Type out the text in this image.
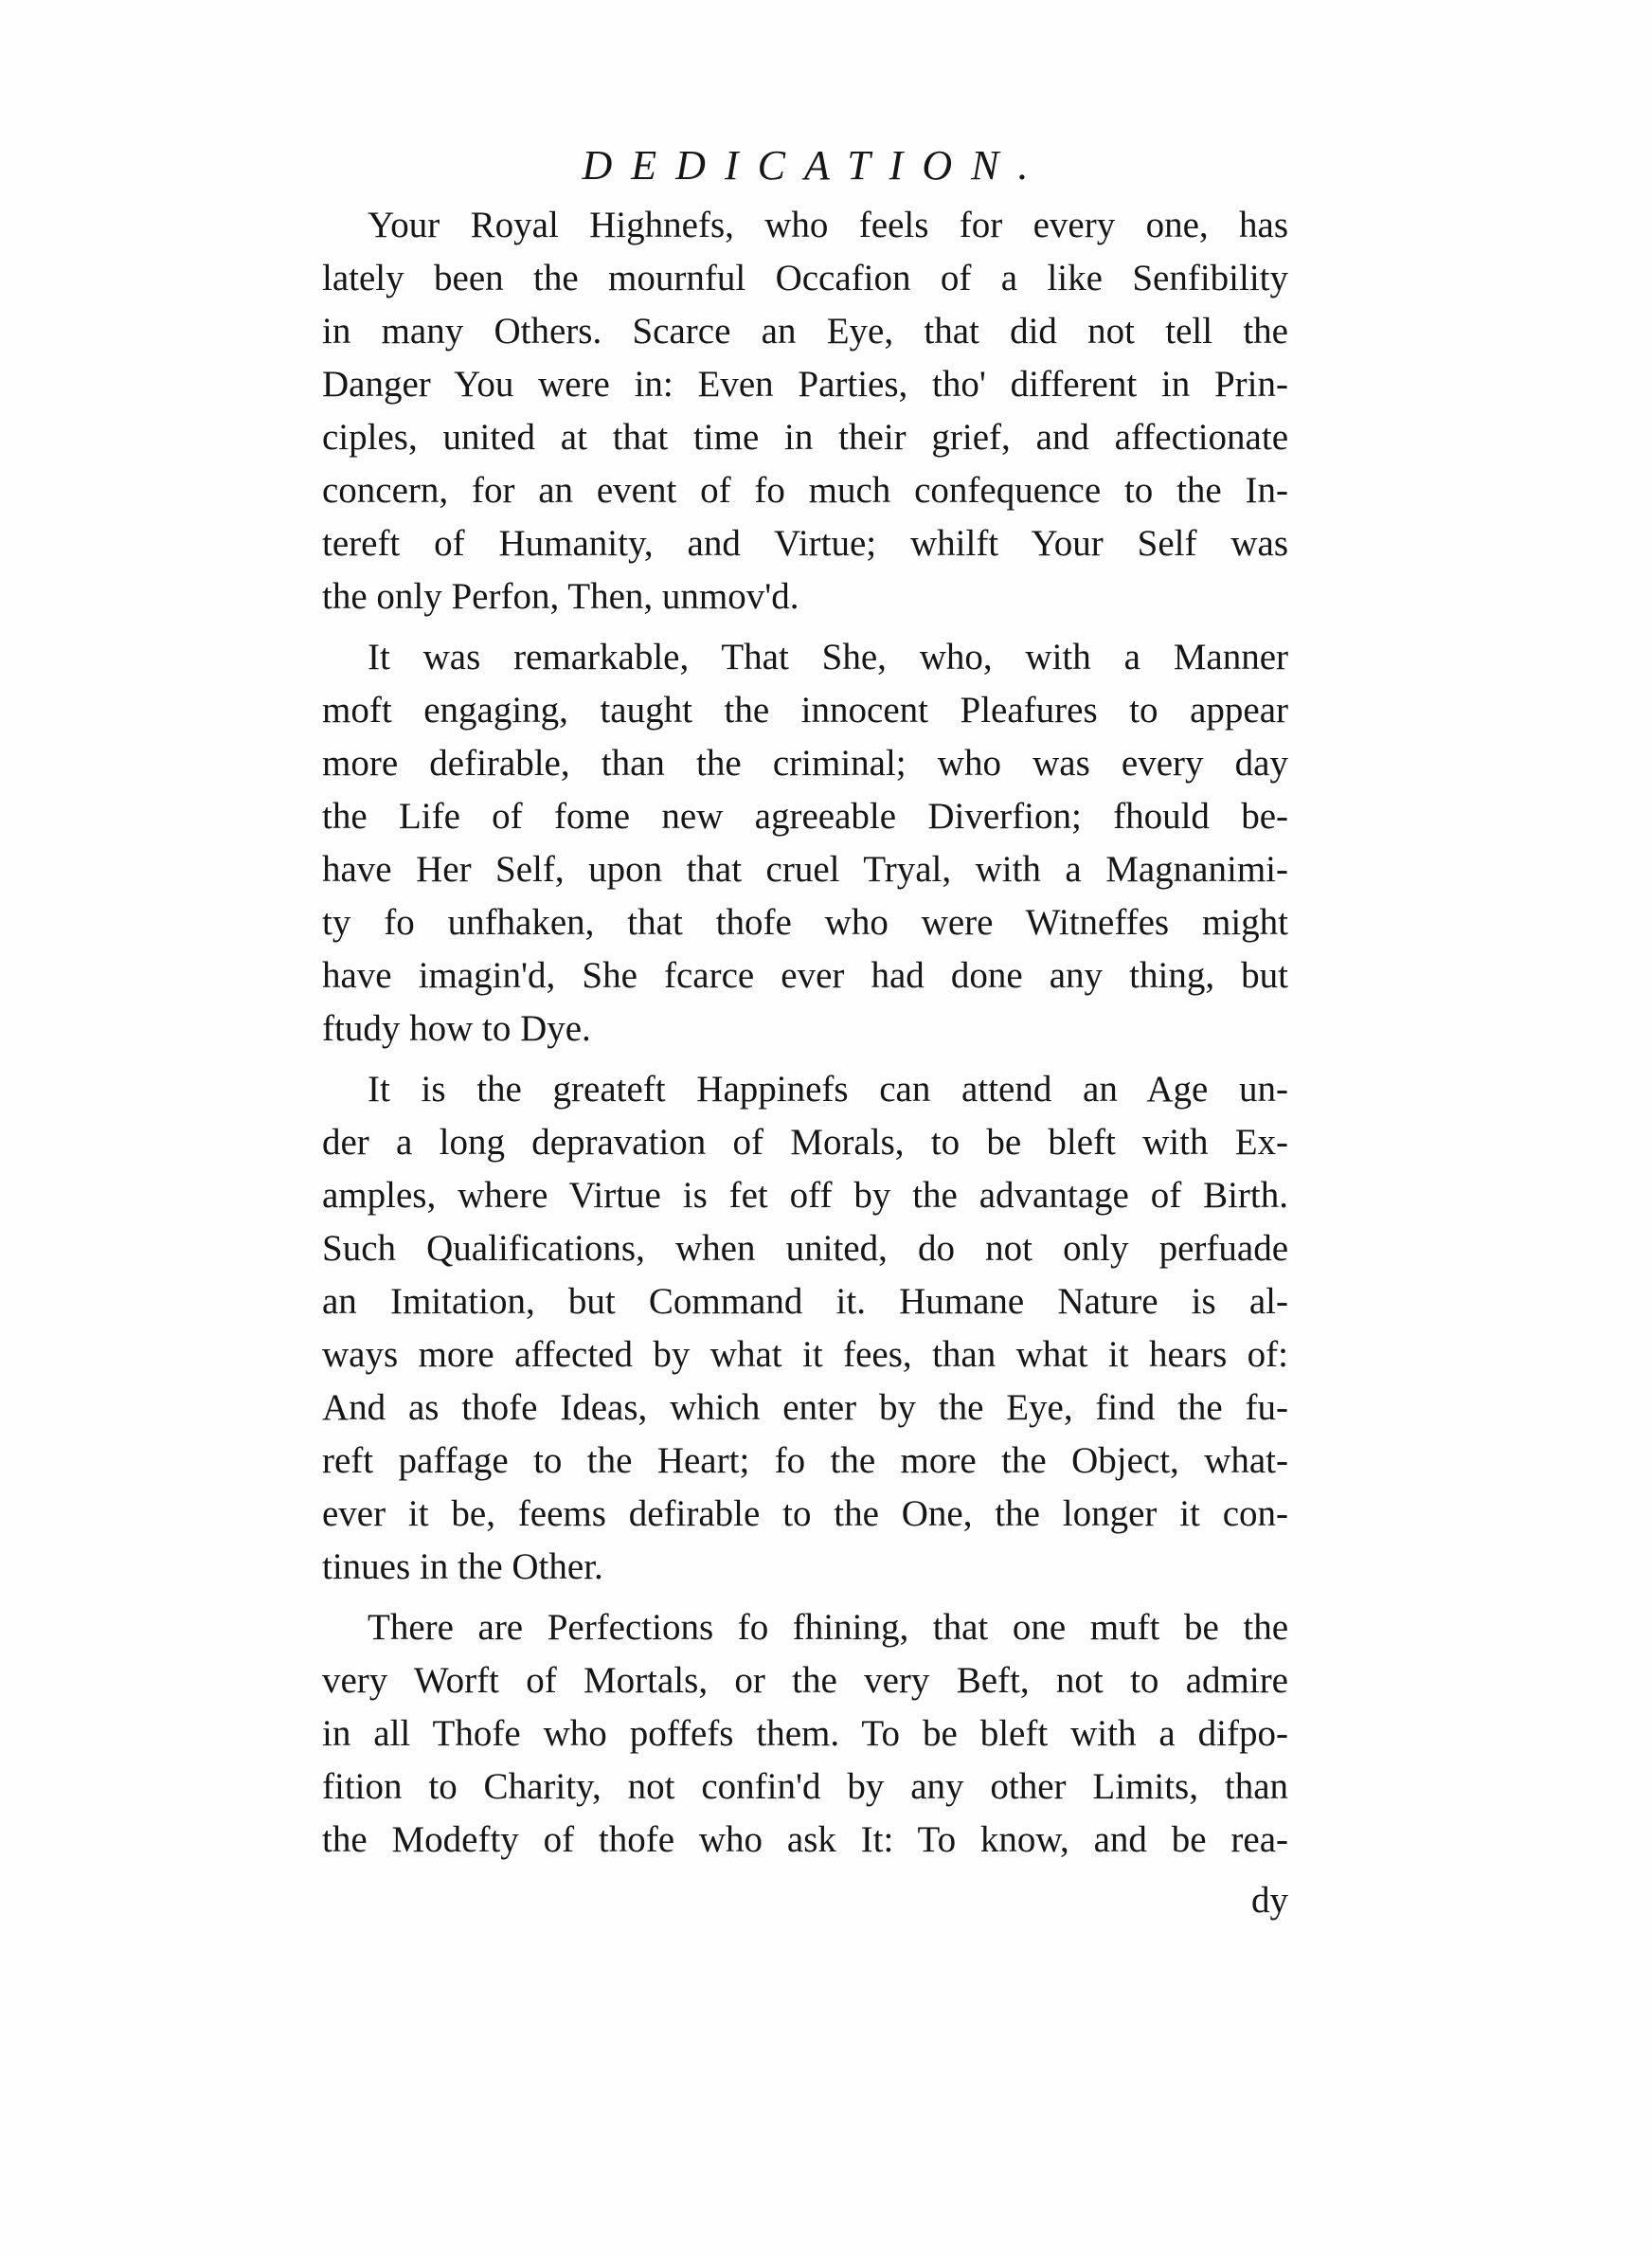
DEDICATION.
Your Royal Highnefs, who feels for every one, has
lately been the mournful Occafion of a like Senfibility
in many Others. Scarce an Eye, that did not tell the
Danger You were in: Even Parties, tho' different in Prin-
ciples, united at that time in their grief, and affectionate
concern, for an event of fo much confequence to the In-
tereft of Humanity, and Virtue; whilft Your Self was
the only Perfon, Then, unmov'd.
It was remarkable, That She, who, with a Manner
moft engaging, taught the innocent Pleafures to appear
more defirable, than the criminal; who was every day
the Life of fome new agreeable Diverfion; fhould be-
have Her Self, upon that cruel Tryal, with a Magnanimi-
ty fo unfhaken, that thofe who were Witneffes might
have imagin'd, She fcarce ever had done any thing, but
ftudy how to Dye.
It is the greateft Happinefs can attend an Age un-
der a long depravation of Morals, to be bleft with Ex-
amples, where Virtue is fet off by the advantage of Birth.
Such Qualifications, when united, do not only perfuade
an Imitation, but Command it. Humane Nature is al-
ways more affected by what it fees, than what it hears of:
And as thofe Ideas, which enter by the Eye, find the fu-
reft paffage to the Heart; fo the more the Object, what-
ever it be, feems defirable to the One, the longer it con-
tinues in the Other.
There are Perfections fo fhining, that one muft be the
very Worft of Mortals, or the very Beft, not to admire
in all Thofe who poffefs them. To be bleft with a difpo-
fition to Charity, not confin'd by any other Limits, than
the Modefty of thofe who ask It: To know, and be rea-
dy
